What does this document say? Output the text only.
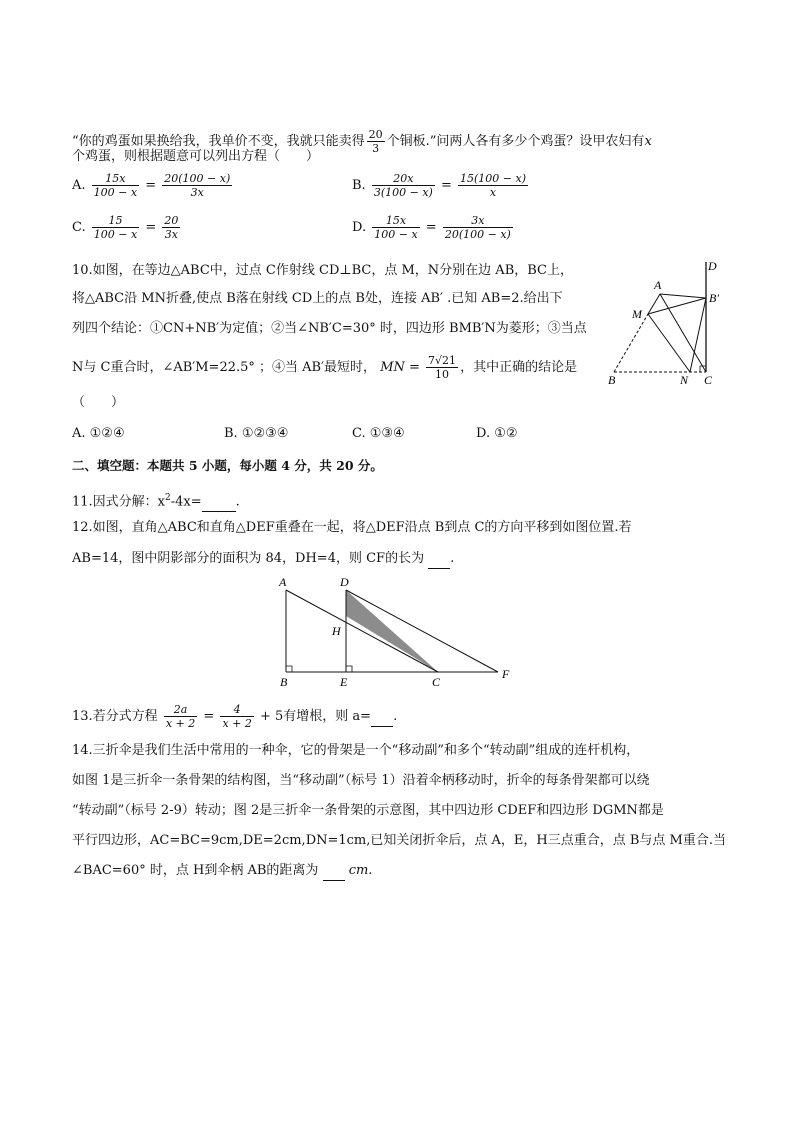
“你的鸡蛋如果换给我，我单价不变，我就只能卖得 $\frac{20}{3}$ 个铜板.”问两人各有多少个鸡蛋？设甲农妇有x
个鸡蛋，则根据题意可以列出方程（　　）
A. $\frac{15x}{100 - x} = \frac{20(100 - x)}{3x}$	B. $\frac{20x}{3(100 - x)} = \frac{15(100 - x)}{x}$
C. $\frac{15}{100 - x} = \frac{20}{3x}$	D. $\frac{15x}{100 - x} = \frac{3x}{20(100 - x)}$
10.如图，在等边△ABC中，过点 C作射线 CD⊥BC，点 M，N分别在边 AB，BC上，
将△ABC沿 MN折叠,使点 B落在射线 CD上的点 B处，连接 AB′ .已知 AB=2.给出下
列四个结论：①CN+NB′为定值；②当∠NB′C=30° 时，四边形 BMB′N为菱形；③当点
N与 C重合时，∠AB′M=22.5° ；④当 AB′最短时， MN = $\frac{7√21}{10}$ ，其中正确的结论是
（　　）
A. ①②④	B. ①②③④	C. ①③④	D. ①②
A
M
B	N C
D
B′
二、填空题：本题共 5 小题，每小题 4 分，共 20 分。
11.因式分解：$x^2-4x=$	.
12.如图，直角△ABC和直角△DEF重叠在一起，将△DEF沿点 B到点 C的方向平移到如图位置.若
AB=14，图中阴影部分的面积为 84，DH=4，则 CF的长为 .
A	D
H
B	E	C
F
13.若分式方程 $\frac{2a}{x + 2} = \frac{4}{x + 2} + 5$有增根，则 a= .
14.三折伞是我们生活中常用的一种伞，它的骨架是一个“移动副”和多个“转动副”组成的连杆机构，
如图 1是三折伞一条骨架的结构图，当“移动副”（标号 1）沿着伞柄移动时，折伞的每条骨架都可以绕
“转动副”（标号 2-9）转动；图 2是三折伞一条骨架的示意图，其中四边形 CDEF和四边形 DGMN都是
平行四边形，AC=BC=9cm,DE=2cm,DN=1cm,已知关闭折伞后，点 A，E，H三点重合，点 B与点 M重合.当
∠BAC=60° 时，点 H到伞柄 AB的距离为 cm.
